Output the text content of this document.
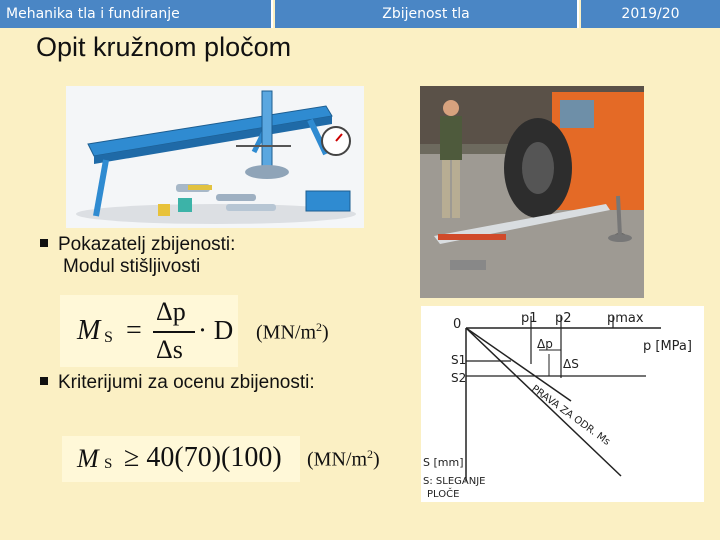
Mehanika tla i fundiranje	Zbijenost tla	2019/20
Opit kružnom pločom
Pokazatelj zbijenosti:
Modul stišljivosti
M S =
Δp
Δs
· D $(MN/m^2)$
Kriterijumi za ocenu zbijenosti:
M S ≥ 40(70)(100) $(MN/m^2)$
0	p1 p2	pmax
p [MPa]
Δp
ΔS
S1
S2
PRAVA ZA ODR. Ms
S [mm]
S: SLEGANJE
PLOČE
